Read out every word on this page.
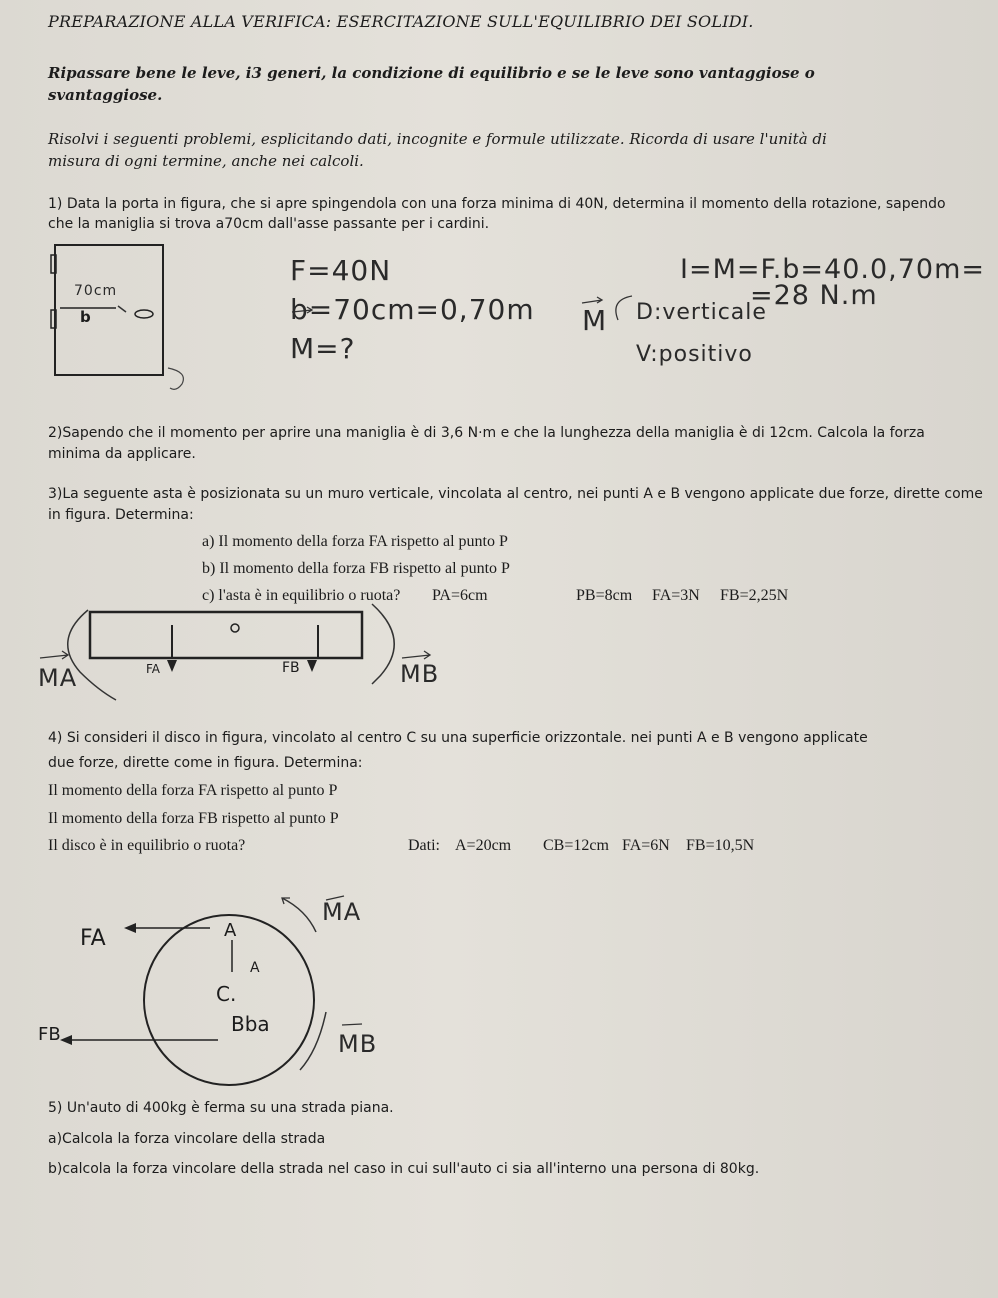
PREPARAZIONE ALLA VERIFICA: ESERCITAZIONE SULL'EQUILIBRIO DEI SOLIDI.
Ripassare bene le leve, i3 generi, la condizione di equilibrio e se le leve sono vantaggiose o
svantaggiose.
Risolvi i seguenti problemi, esplicitando dati, incognite e formule utilizzate. Ricorda di usare l'unità di
misura di ogni termine, anche nei calcoli.
1) Data la porta in figura, che si apre spingendola con una forza minima di 40N, determina il momento della rotazione, sapendo
che la maniglia si trova a70cm dall'asse passante per i cardini.
70cm
b
F=40N
b=70cm=0,70m
M=?
I=M=F.b=40.0,70m=
=28 N.m
M D:verticale
V:positivo
2)Sapendo che il momento per aprire una maniglia è di 3,6 N·m e che la lunghezza della maniglia è di 12cm. Calcola la forza
minima da applicare.
3)La seguente asta è posizionata su un muro verticale, vincolata al centro, nei punti A e B vengono applicate due forze, dirette come
in figura. Determina:
a) Il momento della forza FA rispetto al punto P
b) Il momento della forza FB rispetto al punto P
c) l'asta è in equilibrio o ruota? PA=6cm	PB=8cm FA=3N FB=2,25N
FA	FB
MA	MB
4) Si consideri il disco in figura, vincolato al centro C su una superficie orizzontale. nei punti A e B vengono applicate
due forze, dirette come in figura. Determina:
Il momento della forza FA rispetto al punto P
Il momento della forza FB rispetto al punto P
Il disco è in equilibrio o ruota?	Dati: A=20cm CB=12cm FA=6N FB=10,5N
FA
FB
A
A
C.
Bba
MA
MB
5) Un'auto di 400kg è ferma su una strada piana.
a)Calcola la forza vincolare della strada
b)calcola la forza vincolare della strada nel caso in cui sull'auto ci sia all'interno una persona di 80kg.
